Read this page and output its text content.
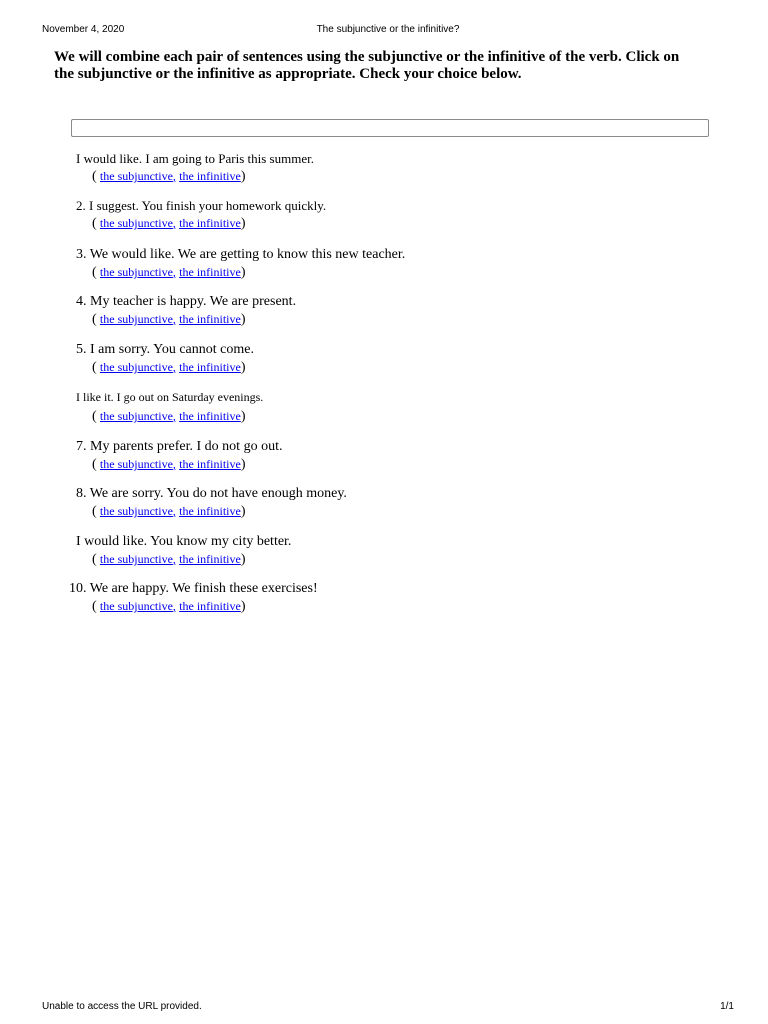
November 4, 2020	The subjunctive or the infinitive?

We will combine each pair of sentences using the subjunctive or the infinitive of the verb. Click on the subjunctive or the infinitive as appropriate. Check your choice below.

I would like. I am going to Paris this summer.
( the subjunctive, the infinitive)
2. I suggest. You finish your homework quickly.
( the subjunctive, the infinitive)
3. We would like. We are getting to know this new teacher.
( the subjunctive, the infinitive)
4. My teacher is happy. We are present.
( the subjunctive, the infinitive)
5. I am sorry. You cannot come.
( the subjunctive, the infinitive)
I like it. I go out on Saturday evenings.
( the subjunctive, the infinitive)
7. My parents prefer. I do not go out.
( the subjunctive, the infinitive)
8. We are sorry. You do not have enough money.
( the subjunctive, the infinitive)
I would like. You know my city better.
( the subjunctive, the infinitive)
10. We are happy. We finish these exercises!
( the subjunctive, the infinitive)
Unable to access the URL provided.	1/1
